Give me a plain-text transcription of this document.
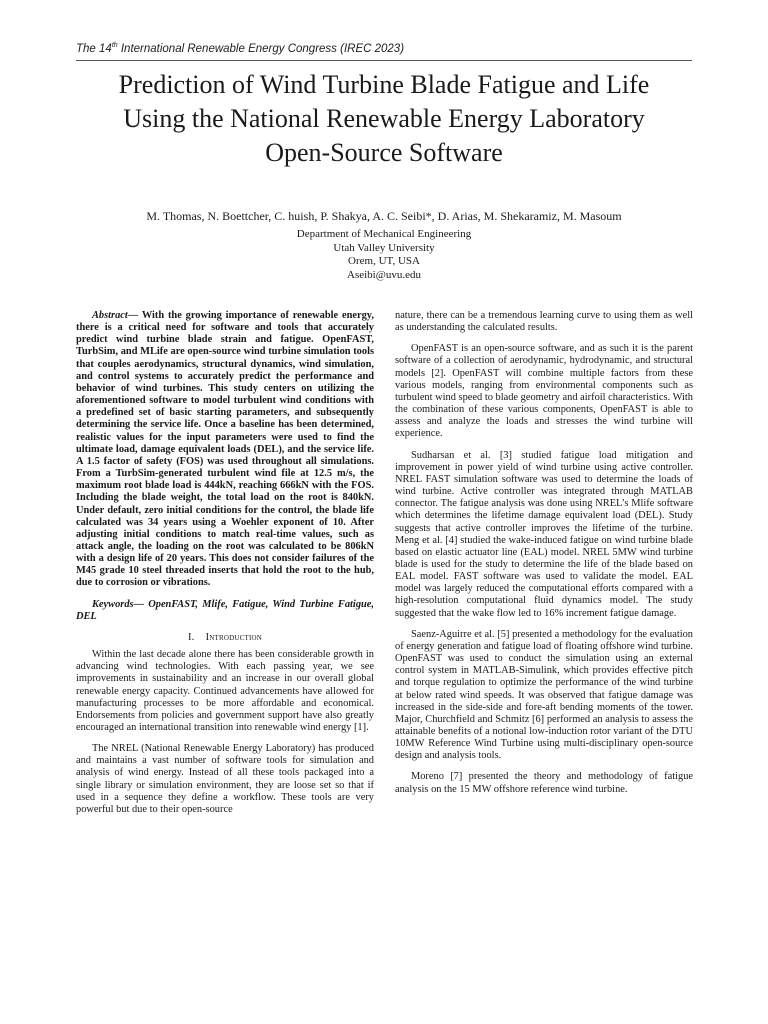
The 14th International Renewable Energy Congress (IREC 2023)
Prediction of Wind Turbine Blade Fatigue and Life
Using the National Renewable Energy Laboratory
Open-Source Software
M. Thomas, N. Boettcher, C. huish, P. Shakya, A. C. Seibi*, D. Arias, M. Shekaramiz, M. Masoum
Department of Mechanical Engineering
Utah Valley University
Orem, UT, USA
Aseibi@uvu.edu

Abstract— With the growing importance of renewable energy, there is a critical need for software and tools that accurately predict wind turbine blade strain and fatigue. OpenFAST, TurbSim, and MLife are open-source wind turbine simulation tools that couples aerodynamics, structural dynamics, wind simulation, and control systems to accurately predict the performance and behavior of wind turbines. This study centers on utilizing the aforementioned software to model turbulent wind conditions with a predefined set of basic starting parameters, and subsequently determining the service life. Once a baseline has been determined, realistic values for the input parameters were used to find the ultimate load, damage equivalent loads (DEL), and the service life. A 1.5 factor of safety (FOS) was used throughout all simulations. From a TurbSim-generated turbulent wind file at 12.5 m/s, the maximum root blade load is 444kN, reaching 666kN with the FOS. Including the blade weight, the total load on the root is 840kN. Under default, zero initial conditions for the control, the blade life calculated was 34 years using a Woehler exponent of 10. After adjusting initial conditions to match real-time values, such as attack angle, the loading on the root was calculated to be 806kN with a design life of 20 years. This does not consider failures of the M45 grade 10 steel threaded inserts that hold the root to the hub, due to corrosion or vibrations.

Keywords— OpenFAST, Mlife, Fatigue, Wind Turbine Fatigue, DEL

I. Introduction

Within the last decade alone there has been considerable growth in advancing wind technologies. With each passing year, we see improvements in sustainability and an increase in our overall global renewable energy capacity. Continued advancements have allowed for manufacturing processes to be more affordable and economical. Endorsements from policies and government support have also greatly encouraged an international transition into renewable wind energy [1].

The NREL (National Renewable Energy Laboratory) has produced and maintains a vast number of software tools for simulation and analysis of wind energy. Instead of all these tools packaged into a single library or simulation environment, they are loose set so that if used in a sequence they define a workflow. These tools are very powerful but due to their open-source

nature, there can be a tremendous learning curve to using them as well as understanding the calculated results.

OpenFAST is an open-source software, and as such it is the parent software of a collection of aerodynamic, hydrodynamic, and structural models [2]. OpenFAST will combine multiple factors from these various models, ranging from environmental components such as turbulent wind speed to blade geometry and airfoil characteristics. With the combination of these various components, OpenFAST is able to assess and analyze the loads and stresses the wind turbine will experience.

Sudharsan et al. [3] studied fatigue load mitigation and improvement in power yield of wind turbine using active controller. NREL FAST simulation software was used to determine the loads of wind turbine. Active controller was integrated through MATLAB connector. The fatigue analysis was done using NREL’s Mlife software which determines the lifetime damage equivalent load (DEL). Study suggests that active controller improves the lifetime of the turbine. Meng et al. [4] studied the wake-induced fatigue on wind turbine blade based on elastic actuator line (EAL) model. NREL 5MW wind turbine blade is used for the study to determine the life of the blade based on EAL model. FAST software was used to validate the model. EAL model was largely reduced the computational efforts compared with a high-resolution computational fluid dynamics model. The study suggested that the wake flow led to 16% increment fatigue damage.

Saenz-Aguirre et al. [5] presented a methodology for the evaluation of energy generation and fatigue load of floating offshore wind turbine. OpenFAST was used to conduct the simulation using an external control system in MATLAB-Simulink, which provides effective pitch and torque regulation to optimize the performance of the wind turbine at below rated wind speeds. It was observed that fatigue damage was increased in the side-side and fore-aft bending moments of the tower. Major, Churchfield and Schmitz [6] performed an analysis to assess the attainable benefits of a notional low-induction rotor variant of the DTU 10MW Reference Wind Turbine using multi-disciplinary open-source design and analysis tools.

Moreno [7] presented the theory and methodology of fatigue analysis on the 15 MW offshore reference wind turbine.
